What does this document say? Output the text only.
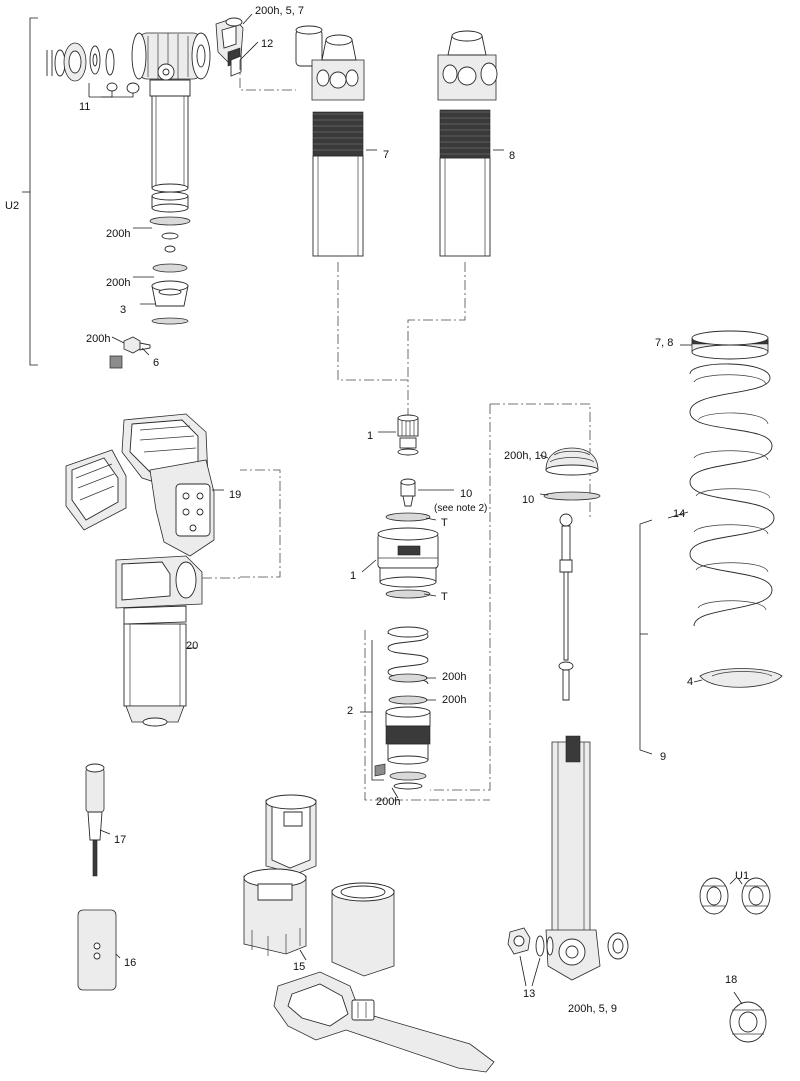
U2
200h, 5, 7
12
11
7	8
200h
200h
3
200h
6
7, 8
1
200h, 10
10
(see note 2)
10
T
19
14
1
T
20
200h	4
200h
2
9
200h
17
U1
16	15
18
13
200h, 5, 9
